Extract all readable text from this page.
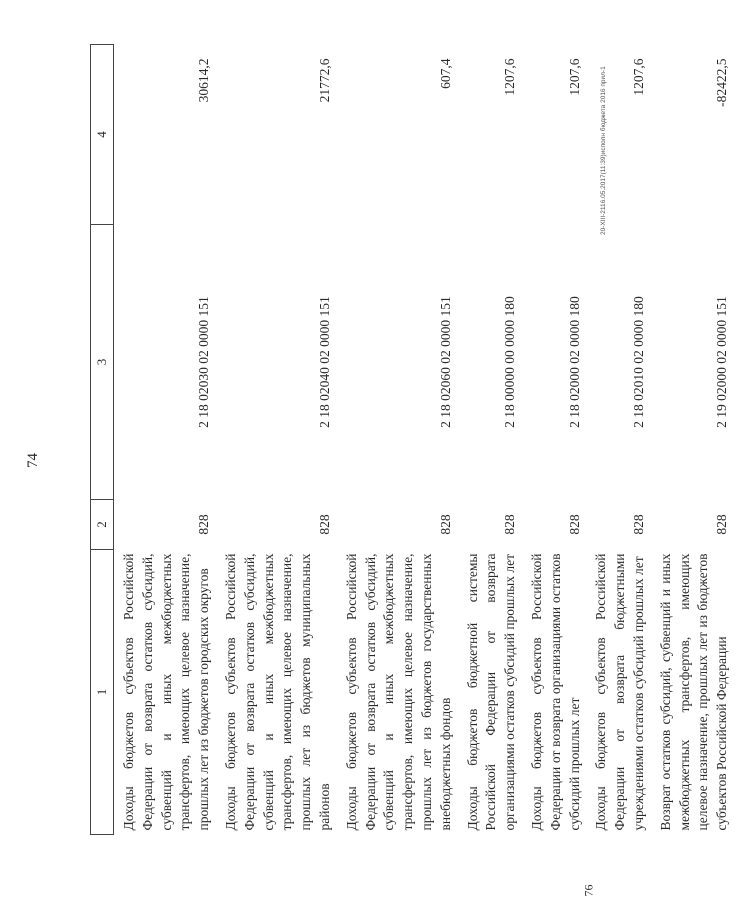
74
20-XIII-2116.05.2017(11:39)исполн бюджета 2016 прил-1
76
1	2	3	4
Доходы бюджетов субъектов Российской Федерации от возврата остатков субсидий, субвенций и иных межбюджетных трансфертов, имеющих целевое назначение, прошлых лет из бюджетов городских округов	828	2 18 02030 02 0000 151	30614,2
Доходы бюджетов субъектов Российской Федерации от возврата остатков субсидий, субвенций и иных межбюджетных трансфертов, имеющих целевое назначение, прошлых лет из бюджетов муниципальных районов	828	2 18 02040 02 0000 151	21772,6
Доходы бюджетов субъектов Российской Федерации от возврата остатков субсидий, субвенций и иных межбюджетных трансфертов, имеющих целевое назначение, прошлых лет из бюджетов государственных внебюджетных фондов	828	2 18 02060 02 0000 151	607,4
Доходы бюджетов бюджетной системы Российской Федерации от возврата организациями остатков субсидий прошлых лет	828	2 18 00000 00 0000 180	1207,6
Доходы бюджетов субъектов Российской Федерации от возврата организациями остатков субсидий прошлых лет	828	2 18 02000 02 0000 180	1207,6
Доходы бюджетов субъектов Российской Федерации от возврата бюджетными учреждениями остатков субсидий прошлых лет	828	2 18 02010 02 0000 180	1207,6
Возврат остатков субсидий, субвенций и иных межбюджетных трансфертов, имеющих целевое назначение, прошлых лет из бюджетов субъектов Российской Федерации	828	2 19 02000 02 0000 151	-82422,5
